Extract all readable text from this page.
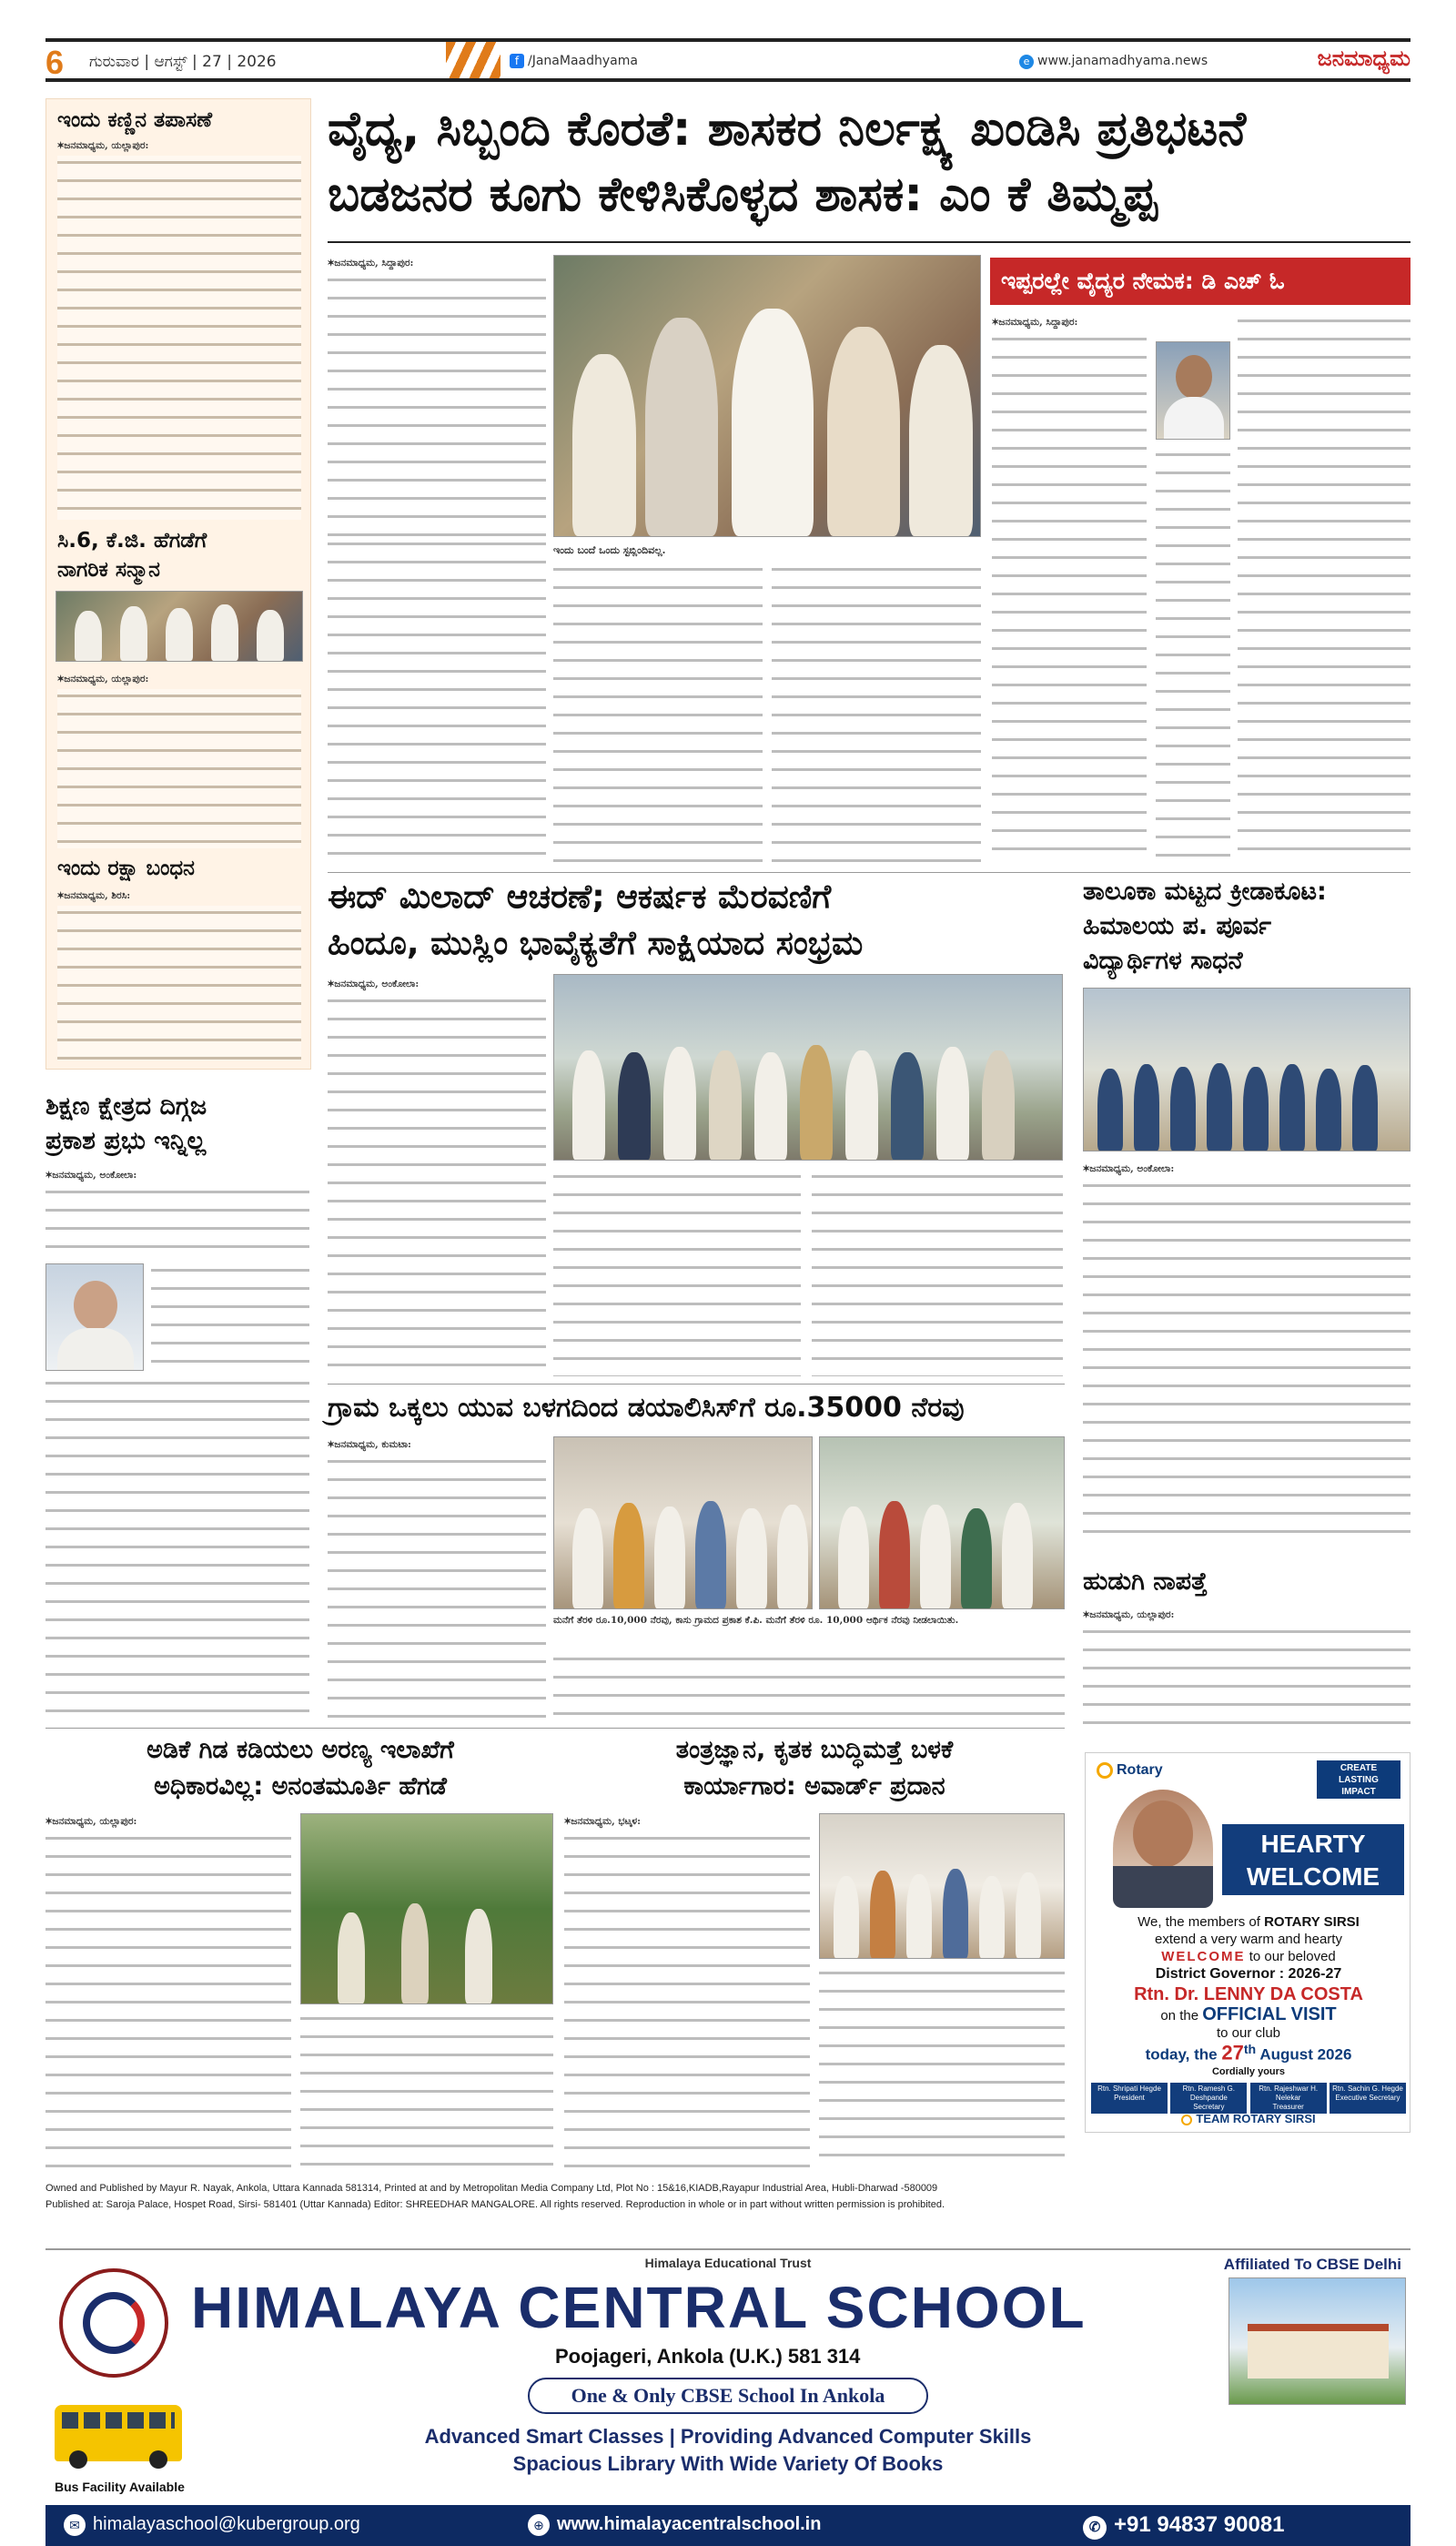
6	ಗುರುವಾರ | ಆಗಸ್ಟ್ | 27 | 2026	f /JanaMaadhyama	e www.janamadhyama.news	ಜನಮಾಧ್ಯಮ
ಇಂದು ಕಣ್ಣಿನ ತಪಾಸಣೆ
✶ಜನಮಾಧ್ಯಮ, ಯಲ್ಲಾಪುರ:
ಸಿ.6, ಕೆ.ಜಿ. ಹೆಗಡೆಗೆ
ನಾಗರಿಕ ಸನ್ಮಾನ
✶ಜನಮಾಧ್ಯಮ, ಯಲ್ಲಾಪುರ:
ಇಂದು ರಕ್ಷಾ ಬಂಧನ
✶ಜನಮಾಧ್ಯಮ, ಶಿರಸಿ:
ವೈದ್ಯ, ಸಿಬ್ಬಂದಿ ಕೊರತೆ: ಶಾಸಕರ ನಿರ್ಲಕ್ಷ್ಯ ಖಂಡಿಸಿ ಪ್ರತಿಭಟನೆ
ಬಡಜನರ ಕೂಗು ಕೇಳಿಸಿಕೊಳ್ಳದ ಶಾಸಕ: ಎಂ ಕೆ ತಿಮ್ಮಪ್ಪ
✶ಜನಮಾಧ್ಯಮ, ಸಿದ್ದಾಪುರ:
ಇಂದು ಬಂದೆ ಒಂದು ಸ್ಟಬ್ಲಿಂದಿವಲ್ಲ.
ಇಪ್ಪರಲ್ಲೇ ವೈದ್ಯರ ನೇಮಕ: ಡಿ ಎಚ್ ಓ
✶ಜನಮಾಧ್ಯಮ, ಸಿದ್ದಾಪುರ:
ಈದ್ ಮಿಲಾದ್ ಆಚರಣೆ; ಆಕರ್ಷಕ ಮೆರವಣಿಗೆ
ಹಿಂದೂ, ಮುಸ್ಲಿಂ ಭಾವೈಕ್ಯತೆಗೆ ಸಾಕ್ಷಿಯಾದ ಸಂಭ್ರಮ
✶ಜನಮಾಧ್ಯಮ, ಅಂಕೋಲಾ:
ತಾಲೂಕಾ ಮಟ್ಟದ ಕ್ರೀಡಾಕೂಟ:
ಹಿಮಾಲಯ ಪ. ಪೂರ್ವ
ವಿದ್ಯಾರ್ಥಿಗಳ ಸಾಧನೆ
✶ಜನಮಾಧ್ಯಮ, ಅಂಕೋಲಾ:
ಶಿಕ್ಷಣ ಕ್ಷೇತ್ರದ ದಿಗ್ಗಜ
ಪ್ರಕಾಶ ಪ್ರಭು ಇನ್ನಿಲ್ಲ
✶ಜನಮಾಧ್ಯಮ, ಅಂಕೋಲಾ:
ಗ್ರಾಮ ಒಕ್ಕಲು ಯುವ ಬಳಗದಿಂದ ಡಯಾಲಿಸಿಸ್‌ಗೆ ರೂ.35000 ನೆರವು
✶ಜನಮಾಧ್ಯಮ, ಕುಮಟಾ:
ಮನೆಗೆ ತೆರಳಿ ರೂ.10,000 ನೆರವು, ಕಾಸು ಗ್ರಾಮದ ಪ್ರಕಾಶ ಕೆ.ಪಿ. ಮನೆಗೆ ತೆರಳಿ ರೂ. 10,000 ಆರ್ಥಿಕ ನೆರವು ನೀಡಲಾಯಿತು.
ಹುಡುಗಿ ನಾಪತ್ತೆ
✶ಜನಮಾಧ್ಯಮ, ಯಲ್ಲಾಪುರ:
ಅಡಿಕೆ ಗಿಡ ಕಡಿಯಲು ಅರಣ್ಯ ಇಲಾಖೆಗೆ
ಅಧಿಕಾರವಿಲ್ಲ: ಅನಂತಮೂರ್ತಿ ಹೆಗಡೆ
✶ಜನಮಾಧ್ಯಮ, ಯಲ್ಲಾಪುರ:
ತಂತ್ರಜ್ಞಾನ, ಕೃತಕ ಬುದ್ಧಿಮತ್ತೆ ಬಳಕೆ
ಕಾರ್ಯಾಗಾರ: ಅವಾರ್ಡ್ ಪ್ರದಾನ
✶ಜನಮಾಧ್ಯಮ, ಭಟ್ಕಳ:
Rotary	CREATE
LASTING
IMPACT
HEARTY
WELCOME
We, the members of ROTARY SIRSI
extend a very warm and hearty
WELCOME to our beloved
District Governor : 2026-27
Rtn. Dr. LENNY DA COSTA
on the OFFICIAL VISIT
to our club
today, the 27th August 2026
Cordially yours
Rtn. Shripati Hegde
President
Rtn. Ramesh G. Deshpande
Secretary
Rtn. Rajeshwar H. Nelekar
Treasurer
Rtn. Sachin G. Hegde
Executive Secretary
TEAM ROTARY SIRSI
Owned and Published by Mayur R. Nayak, Ankola, Uttara Kannada 581314, Printed at and by Metropolitan Media Company Ltd, Plot No : 15&16,KIADB,Rayapur Industrial Area, Hubli-Dharwad -580009
Published at: Saroja Palace, Hospet Road, Sirsi- 581401 (Uttar Kannada) Editor: SHREEDHAR MANGALORE. All rights reserved. Reproduction in whole or in part without written permission is prohibited.
Himalaya Educational Trust	Affiliated To CBSE Delhi
HIMALAYA CENTRAL SCHOOL
Poojageri, Ankola (U.K.) 581 314
One & Only CBSE School In Ankola
Advanced Smart Classes | Providing Advanced Computer Skills
Spacious Library With Wide Variety Of Books
Bus Facility Available
✉ himalayaschool@kubergroup.org	⊕ www.himalayacentralschool.in	✆ +91 94837 90081
